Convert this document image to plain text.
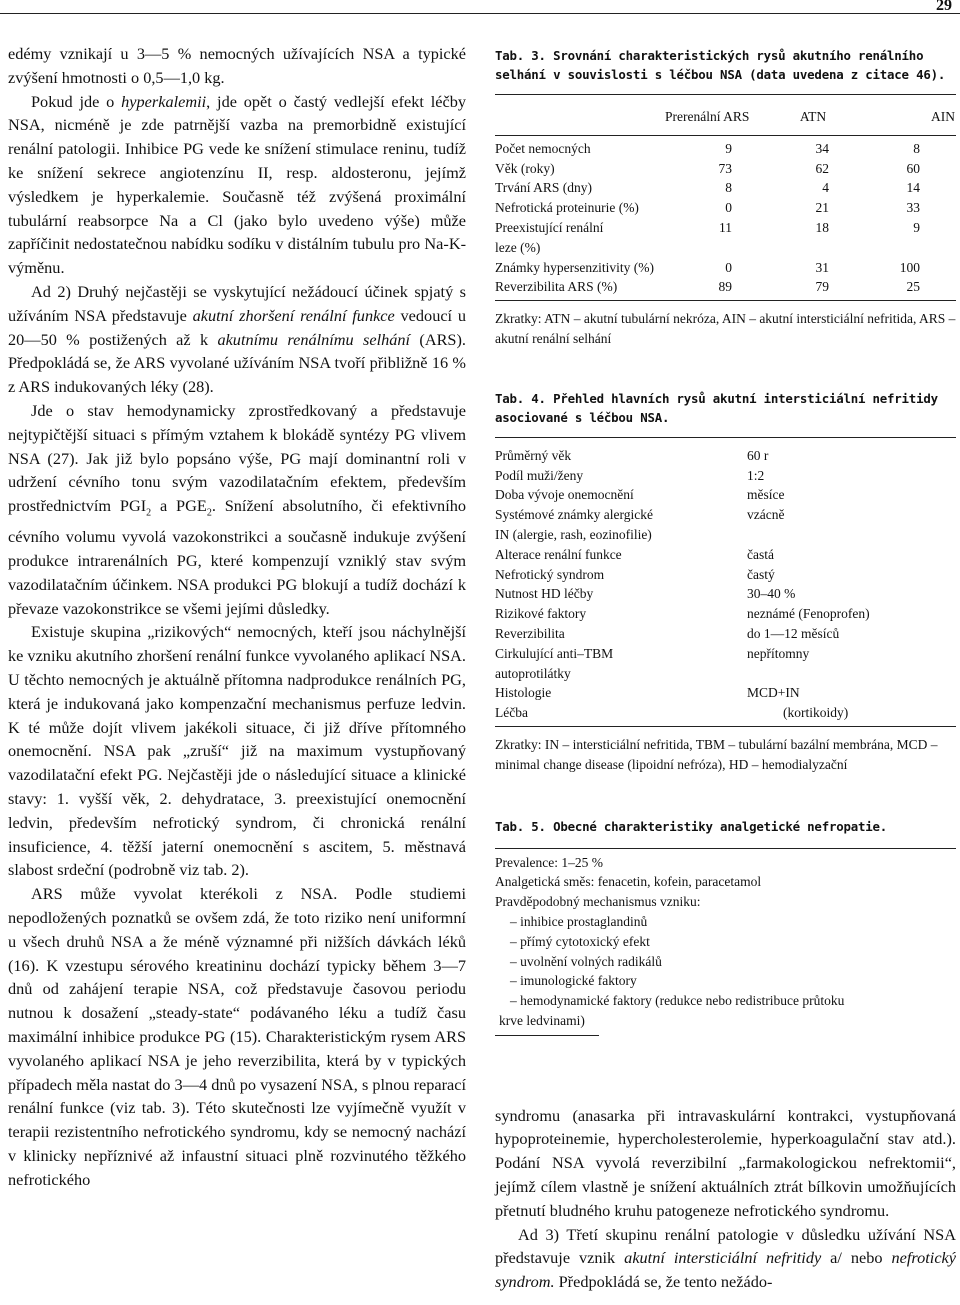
29

edémy vznikají u 3—5 % nemocných užívajících NSA a typické zvýšení hmotnosti o 0,5—1,0 kg.

Pokud jde o hyperkalemii, jde opět o častý vedlejší efekt léčby NSA, nicméně je zde patrnější vazba na premorbidně existující renální patologii. Inhibice PG vede ke snížení stimulace reninu, tudíž ke snížení sekrece angiotenzínu II, resp. aldosteronu, jejímž výsledkem je hyperkalemie. Současně též zvýšená proximální tubulární reabsorpce Na a Cl (jako bylo uvedeno výše) může zapříčinit nedostatečnou nabídku sodíku v distálním tubulu pro Na-K-výměnu.

Ad 2) Druhý nejčastěji se vyskytující nežádoucí účinek spjatý s užíváním NSA představuje akutní zhoršení renální funkce vedoucí u 20—50 % postižených až k akutnímu renálnímu selhání (ARS). Předpokládá se, že ARS vyvolané užíváním NSA tvoří přibližně 16 % z ARS indukovaných léky (28).

Jde o stav hemodynamicky zprostředkovaný a představuje nejtypičtější situaci s přímým vztahem k blokádě syntézy PG vlivem NSA (27). Jak již bylo popsáno výše, PG mají dominantní roli v udržení cévního tonu svým vazodilatačním efektem, především prostřednictvím $PGI_2$ a $PGE_2$. Snížení absolutního, či efektivního cévního volumu vyvolá vazokonstrikci a současně indukuje zvýšení produkce intrarenálních PG, které kompenzují vzniklý stav svým vazodilatačním účinkem. NSA produkci PG blokují a tudíž dochází k převaze vazokonstrikce se všemi jejími důsledky.

Existuje skupina „rizikových“ nemocných, kteří jsou náchylnější ke vzniku akutního zhoršení renální funkce vyvolaného aplikací NSA. U těchto nemocných je aktuálně přítomna nadprodukce renálních PG, která je indukovaná jako kompenzační mechanismus perfuze ledvin. K té může dojít vlivem jakékoli situace, či již dříve přítomného onemocnění. NSA pak „zruší“ již na maximum vystupňovaný vazodilatační efekt PG. Nejčastěji jde o následující situace a klinické stavy: 1. vyšší věk, 2. dehydratace, 3. preexistující onemocnění ledvin, především nefrotický syndrom, či chronická renální insuficience, 4. těžší jaterní onemocnění s ascitem, 5. městnavá slabost srdeční (podrobně viz tab. 2).

ARS může vyvolat kterékoli z NSA. Podle studiemi nepodložených poznatků se ovšem zdá, že toto riziko není uniformní u všech druhů NSA a že méně významné při nižších dávkách léků (16). K vzestupu sérového kreatininu dochází typicky během 3—7 dnů od zahájení terapie NSA, což představuje časovou periodu nutnou k dosažení „steady-state“ podávaného léku a tudíž času maximální inhibice produkce PG (15). Charakteristickým rysem ARS vyvolaného aplikací NSA je jeho reverzibilita, která by v typických případech měla nastat do 3—4 dnů po vysazení NSA, s plnou reparací renální funkce (viz tab. 3). Této skutečnosti lze vyjímečně využít v terapii rezistentního nefrotického syndromu, kdy se nemocný nachází v klinicky nepříznivé až infaustní situaci plně rozvinutého těžkého nefrotického

Tab. 3. Srovnání charakteristických rysů akutního renálního selhání v souvislosti s léčbou NSA (data uvedena z citace 46).
Prerenální ARS	ATN	AIN
Počet nemocných	9	34	8
Věk (roky)	73	62	60
Trvání ARS (dny)	8	4	14
Nefrotická proteinurie (%)	0	21	33
Preexistující renální	11	18	9
leze (%)
Známky hypersenzitivity (%)	0	31	100
Reverzibilita ARS (%)	89	79	25
Zkratky: ATN – akutní tubulární nekróza, AIN – akutní intersticiální nefritida, ARS – akutní renální selhání
Tab. 4. Přehled hlavních rysů akutní intersticiální nefritidy asociované s léčbou NSA.
Průměrný věk	60 r
Podíl muži/ženy	1:2
Doba vývoje onemocnění	měsíce
Systémové známky alergické	vzácně
IN (alergie, rash, eozinofilie)
Alterace renální funkce	častá
Nefrotický syndrom	častý
Nutnost HD léčby	30–40 %
Rizikové faktory	neznámé (Fenoprofen)
Reverzibilita	do 1—12 měsíců
Cirkulující anti–TBM	nepřítomny
autoprotilátky
Histologie	MCD+IN
Léčba	(kortikoidy)
Zkratky: IN – intersticiální nefritida, TBM – tubulární bazální membrána, MCD – minimal change disease (lipoidní nefróza), HD – hemodialyzační
Tab. 5. Obecné charakteristiky analgetické nefropatie.
Prevalence: 1–25 %
Analgetická směs: fenacetin, kofein, paracetamol
Pravděpodobný mechanismus vzniku:
– inhibice prostaglandinů
– přímý cytotoxický efekt
– uvolnění volných radikálů
– imunologické faktory
– hemodynamické faktory (redukce nebo redistribuce průtoku
krve ledvinami)

syndromu (anasarka při intravaskulární kontrakci, vystupňovaná hypoproteinemie, hypercholesterolemie, hyperkoagulační stav atd.). Podání NSA vyvolá reverzibilní „farmakologickou nefrektomii“, jejímž cílem vlastně je snížení aktuálních ztrát bílkovin umožňujících přetnutí bludného kruhu patogeneze nefrotického syndromu.

Ad 3) Třetí skupinu renální patologie v důsledku užívání NSA představuje vznik akutní intersticiální nefritidy a/ nebo nefrotický syndrom. Předpokládá se, že tento nežádo-
